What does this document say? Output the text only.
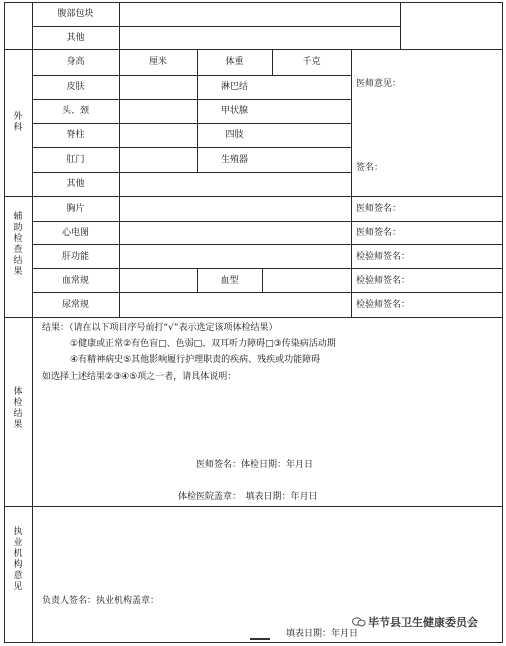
腹部包块
其他
外科
身高	厘米	体重	千克
皮肤	淋巴结
头、颈	甲状腺
脊柱	四肢
肛门	生殖器
其他
医师意见：
签名：
辅助检查结果
胸片	医师签名：
心电图	医师签名：
肝功能	检验师签名：
血常规	血型	检验师签名：
尿常规	检验师签名：
体检结果
结果：（请在以下项目序号前打“√”表示选定该项体检结果）
①健康或正常②有色盲□、色弱□、双耳听力障碍□③传染病活动期
④有精神病史⑤其他影响履行护理职责的疾病、残疾或功能障碍
如选择上述结果②③④⑤项之一者，请具体说明：
医师签名：体检日期：年月日
体检医院盖章：　填表日期：年月日
执业机构意见
负责人签名：执业机构盖章：
填表日期：年月日
毕节县卫生健康委员会
